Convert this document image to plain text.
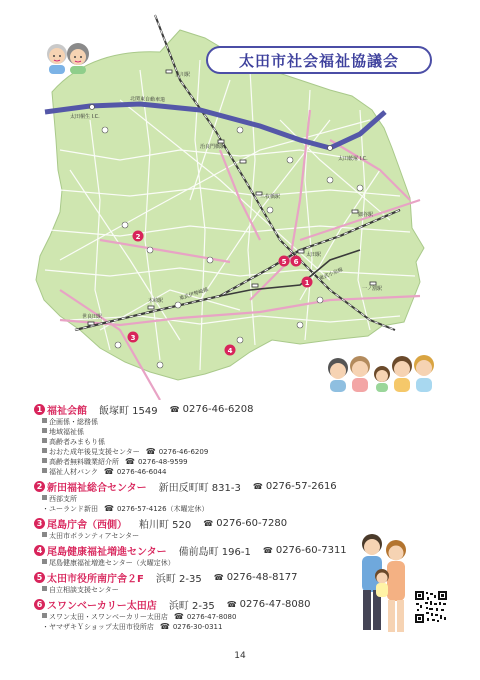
太田桐生 I.C.
太田藪塚 I.C.
北関東自動車道
太田駅
細谷駅
韮川駅
一ノ割駅
三枚橋駅
治良門橋駅
木崎駅
世良田駅
東武伊勢崎線
東武小泉線
1
2
3
4
5 6
太田市社会福祉協議会
1 福祉会館 飯塚町 1549 ☎ 0276-46-6208
企画係・総務係
地域福祉係
高齢者みまもり係
おおた成年後見支援センター ☎ 0276-46-6209
高齢者無料職業紹介所 ☎ 0276-48-9599
福祉人材バンク ☎ 0276-46-6044
2 新田福祉総合センター 新田反町町 831-3 ☎ 0276-57-2616
西部支所
・ユーランド新田 ☎ 0276-57-4126（木曜定休）
3 尾島庁舎（西側） 粕川町 520 ☎ 0276-60-7280
太田市ボランティアセンター
4 尾島健康福祉増進センター 備前島町 196-1 ☎ 0276-60-7311
尾島健康福祉増進センター（火曜定休）
5 太田市役所南庁舎２F 浜町 2-35 ☎ 0276-48-8177
自立相談支援センター
6 スワンベーカリー太田店 浜町 2-35 ☎ 0276-47-8080
スワン太田・スワンベーカリー太田店 ☎ 0276-47-8080
・ヤマザキＹショップ太田市役所店 ☎ 0276-30-0311
14
